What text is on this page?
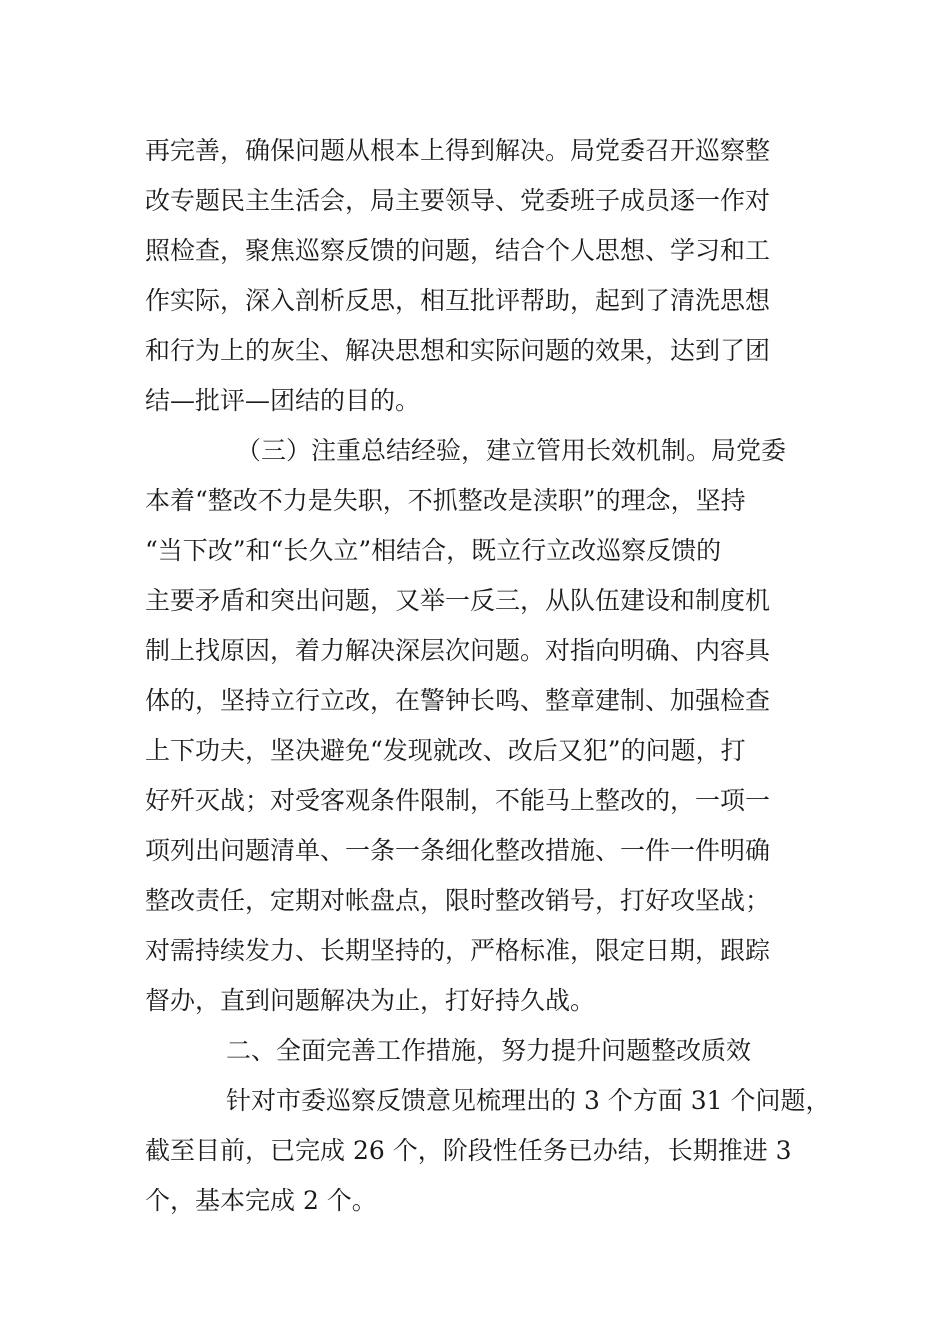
再完善，确保问题从根本上得到解决。局党委召开巡察整
改专题民主生活会，局主要领导、党委班子成员逐一作对
照检查，聚焦巡察反馈的问题，结合个人思想、学习和工
作实际，深入剖析反思，相互批评帮助，起到了清洗思想
和行为上的灰尘、解决思想和实际问题的效果，达到了团
结—批评—团结的目的。
（三）注重总结经验，建立管用长效机制。局党委
本着“整改不力是失职，不抓整改是渎职”的理念，坚持
“当下改”和“长久立”相结合，既立行立改巡察反馈的
主要矛盾和突出问题，又举一反三，从队伍建设和制度机
制上找原因，着力解决深层次问题。对指向明确、内容具
体的，坚持立行立改，在警钟长鸣、整章建制、加强检查
上下功夫，坚决避免“发现就改、改后又犯”的问题，打
好歼灭战；对受客观条件限制，不能马上整改的，一项一
项列出问题清单、一条一条细化整改措施、一件一件明确
整改责任，定期对帐盘点，限时整改销号，打好攻坚战；
对需持续发力、长期坚持的，严格标准，限定日期，跟踪
督办，直到问题解决为止，打好持久战。
二、全面完善工作措施，努力提升问题整改质效
针对市委巡察反馈意见梳理出的 3 个方面 31 个问题，
截至目前，已完成 26 个，阶段性任务已办结，长期推进 3
个，基本完成 2 个。
